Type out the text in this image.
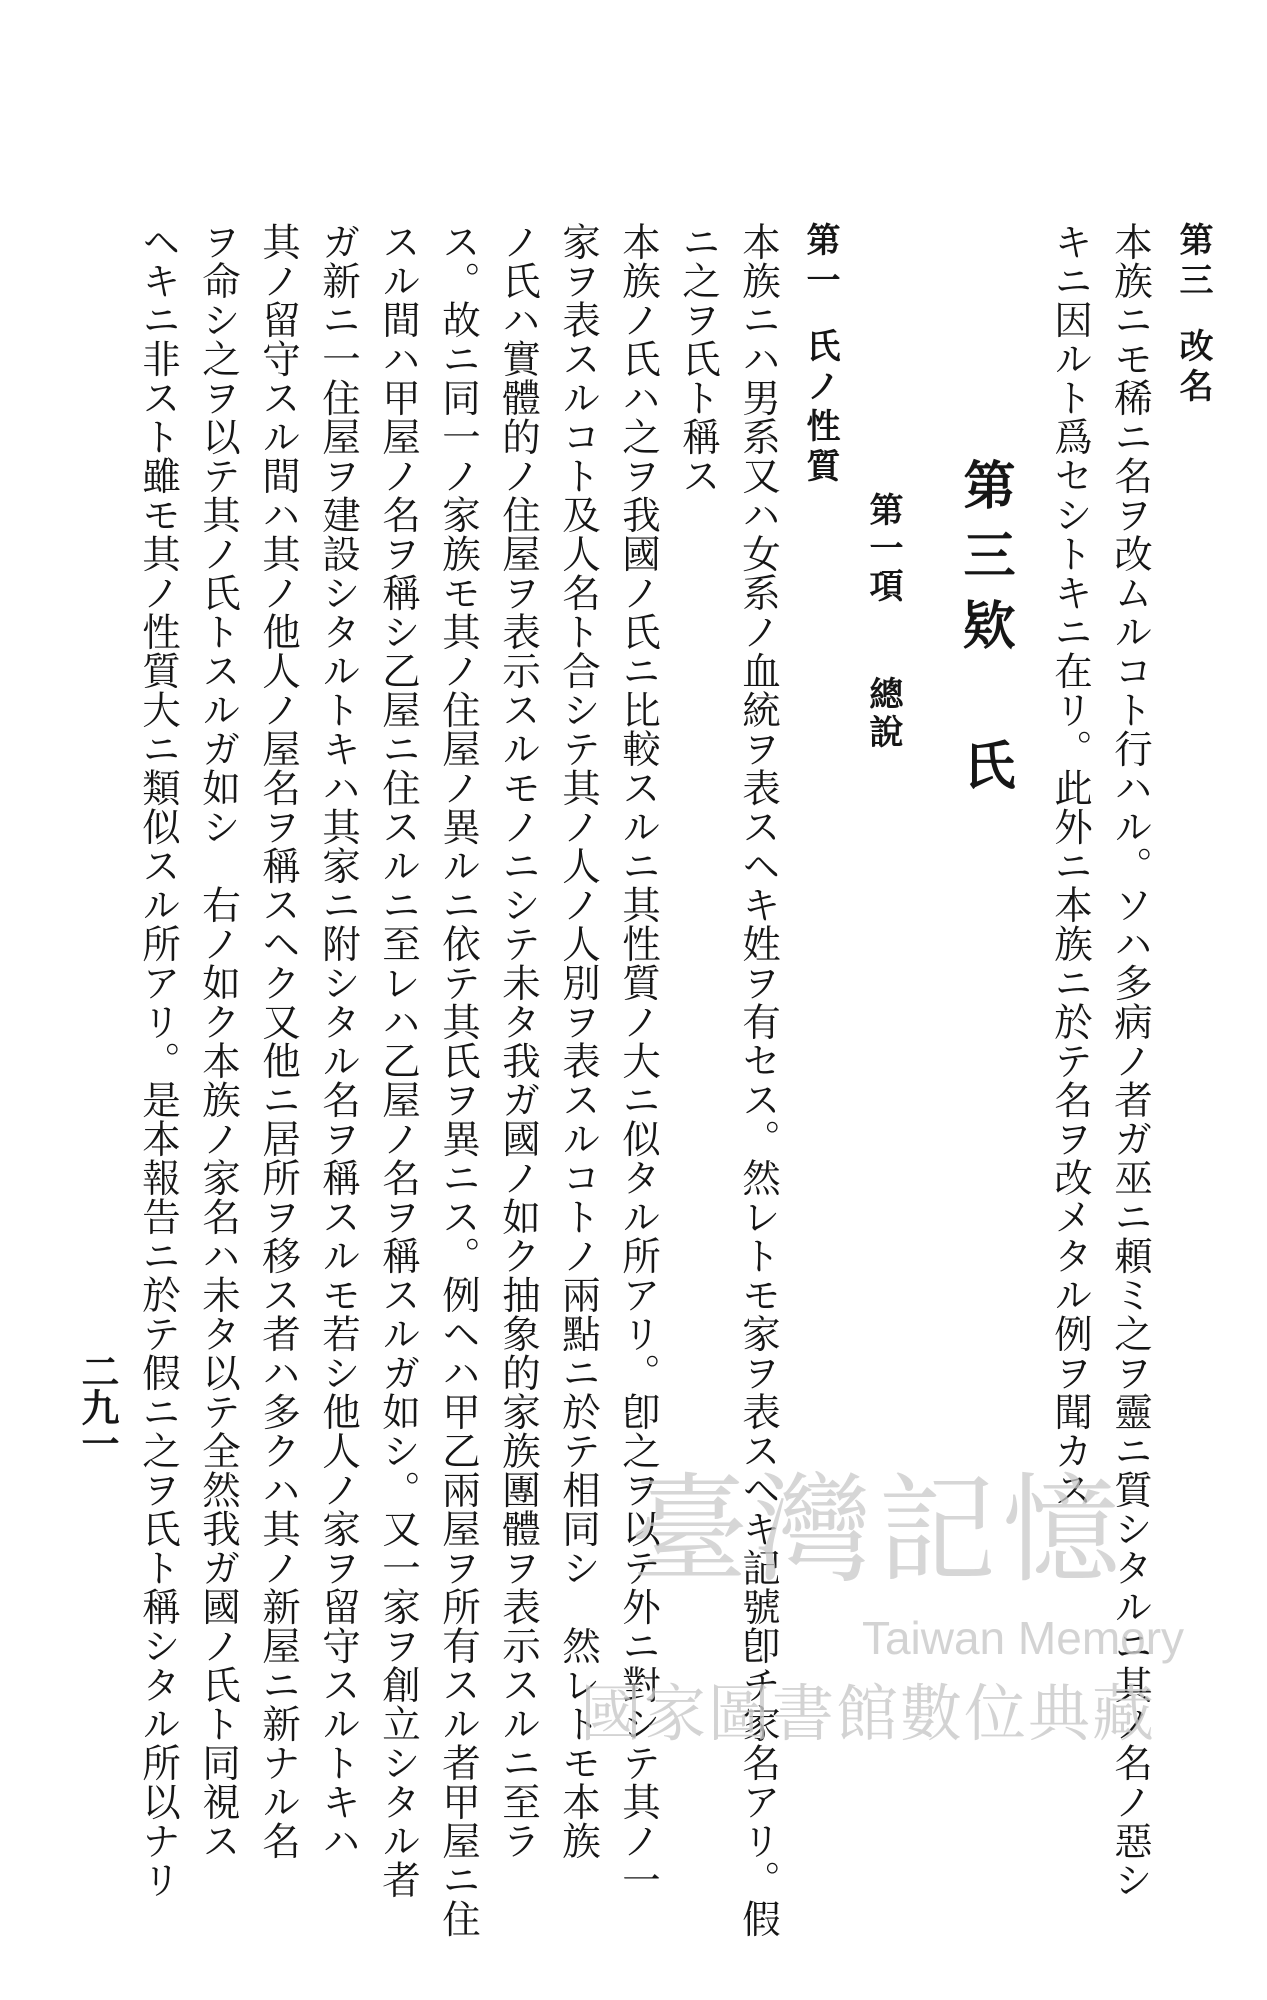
第三改名
本族ニモ稀ニ名ヲ改ムルコト行ハル。ソハ多病ノ者ガ巫ニ頼ミ之ヲ靈ニ質シタルニ其ノ名ノ惡シ
キニ因ルト爲セシトキニ在リ。此外ニ本族ニ於テ名ヲ改メタル例ヲ聞カス
第三欵　氏
第一項總說
第一氏ノ性質
本族ニハ男系又ハ女系ノ血統ヲ表スヘキ姓ヲ有セス。然レトモ家ヲ表スヘキ記號卽チ家名アリ。假
ニ之ヲ氏ト稱ス
本族ノ氏ハ之ヲ我國ノ氏ニ比較スルニ其性質ノ大ニ似タル所アリ。卽之ヲ以テ外ニ對シテ其ノ一
家ヲ表スルコト及人名ト合シテ其ノ人ノ人別ヲ表スルコトノ兩點ニ於テ相同シ　然レトモ本族
ノ氏ハ實體的ノ住屋ヲ表示スルモノニシテ未タ我ガ國ノ如ク抽象的家族團體ヲ表示スルニ至ラ
ス。故ニ同一ノ家族モ其ノ住屋ノ異ルニ依テ其氏ヲ異ニス。例ヘハ甲乙兩屋ヲ所有スル者甲屋ニ住
スル間ハ甲屋ノ名ヲ稱シ乙屋ニ住スルニ至レハ乙屋ノ名ヲ稱スルガ如シ。又一家ヲ創立シタル者
ガ新ニ一住屋ヲ建設シタルトキハ其家ニ附シタル名ヲ稱スルモ若シ他人ノ家ヲ留守スルトキハ
其ノ留守スル間ハ其ノ他人ノ屋名ヲ稱スヘク又他ニ居所ヲ移ス者ハ多クハ其ノ新屋ニ新ナル名
ヲ命シ之ヲ以テ其ノ氏トスルガ如シ　右ノ如ク本族ノ家名ハ未タ以テ全然我ガ國ノ氏ト同視ス
ヘキニ非スト雖モ其ノ性質大ニ類似スル所アリ。是本報告ニ於テ假ニ之ヲ氏ト稱シタル所以ナリ
二九一
臺灣記憶
Taiwan Memory
國家圖書館數位典藏
